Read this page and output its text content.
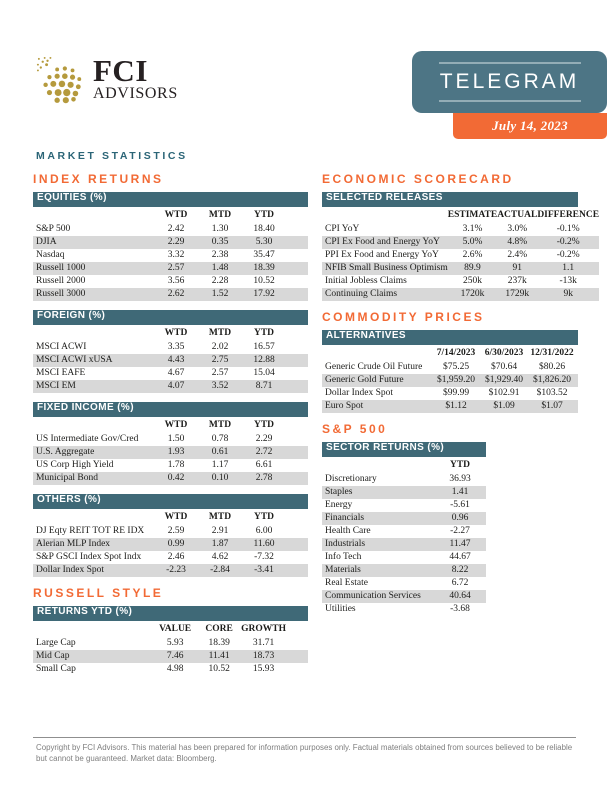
FCI
ADVISORS
TELEGRAM
July 14, 2023
MARKET STATISTICS
INDEX RETURNS
EQUITIES (%)
	WTD	MTD	YTD	
S&P 500	2.42	1.30	18.40	
DJIA	2.29	0.35	5.30	
Nasdaq	3.32	2.38	35.47	
Russell 1000	2.57	1.48	18.39	
Russell 2000	3.56	2.28	10.52	
Russell 3000	2.62	1.52	17.92	
FOREIGN (%)
	WTD	MTD	YTD	
MSCI ACWI	3.35	2.02	16.57	
MSCI ACWI xUSA	4.43	2.75	12.88	
MSCI EAFE	4.67	2.57	15.04	
MSCI EM	4.07	3.52	8.71	
FIXED INCOME (%)
	WTD	MTD	YTD	
US Intermediate Gov/Cred	1.50	0.78	2.29	
U.S. Aggregate	1.93	0.61	2.72	
US Corp High Yield	1.78	1.17	6.61	
Municipal Bond	0.42	0.10	2.78	
OTHERS (%)
	WTD	MTD	YTD	
DJ Eqty REIT TOT RE IDX	2.59	2.91	6.00	
Alerian MLP Index	0.99	1.87	11.60	
S&P GSCI Index Spot Indx	2.46	4.62	-7.32	
Dollar Index Spot	-2.23	-2.84	-3.41	
RUSSELL STYLE
RETURNS YTD (%)
	VALUE	CORE	GROWTH	
Large Cap	5.93	18.39	31.71	
Mid Cap	7.46	11.41	18.73	
Small Cap	4.98	10.52	15.93	
ECONOMIC SCORECARD
SELECTED RELEASES
	ESTIMATE	ACTUAL	DIFFERENCE	
CPI YoY	3.1%	3.0%	-0.1%	
CPI Ex Food and Energy YoY	5.0%	4.8%	-0.2%	
PPI Ex Food and Energy YoY	2.6%	2.4%	-0.2%	
NFIB Small Business Optimism	89.9	91	1.1	
Initial Jobless Claims	250k	237k	-13k	
Continuing Claims	1720k	1729k	9k	
COMMODITY PRICES
ALTERNATIVES
	7/14/2023	6/30/2023	12/31/2022	
Generic Crude Oil Future	$75.25	$70.64	$80.26	
Generic Gold Future	$1,959.20	$1,929.40	$1,826.20	
Dollar Index Spot	$99.99	$102.91	$103.52	
Euro Spot	$1.12	$1.09	$1.07	
S&P 500
SECTOR RETURNS (%)
	YTD	
Discretionary	36.93	
Staples	1.41	
Energy	-5.61	
Financials	0.96	
Health Care	-2.27	
Industrials	11.47	
Info Tech	44.67	
Materials	8.22	
Real Estate	6.72	
Communication Services	40.64	
Utilities	-3.68	
Copyright by FCI Advisors. This material has been prepared for information purposes only. Factual materials obtained from sources believed to be reliable but cannot be guaranteed. Market data: Bloomberg.
